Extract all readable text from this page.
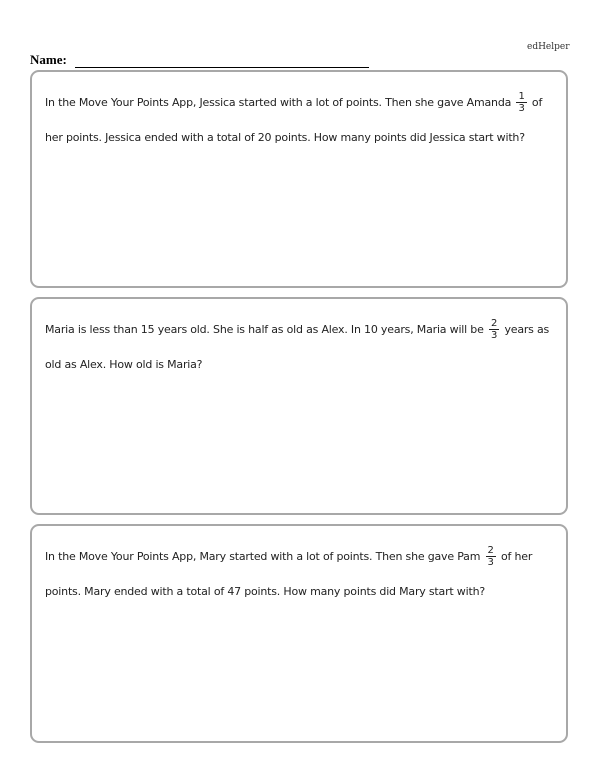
edHelper
Name:
In the Move Your Points App, Jessica started with a lot of points. Then she gave Amanda $\frac{1}{3}$ of her points. Jessica ended with a total of 20 points. How many points did Jessica start with?
Maria is less than 15 years old. She is half as old as Alex. In 10 years, Maria will be $\frac{2}{3}$ years as old as Alex. How old is Maria?
In the Move Your Points App, Mary started with a lot of points. Then she gave Pam $\frac{2}{3}$ of her points. Mary ended with a total of 47 points. How many points did Mary start with?
